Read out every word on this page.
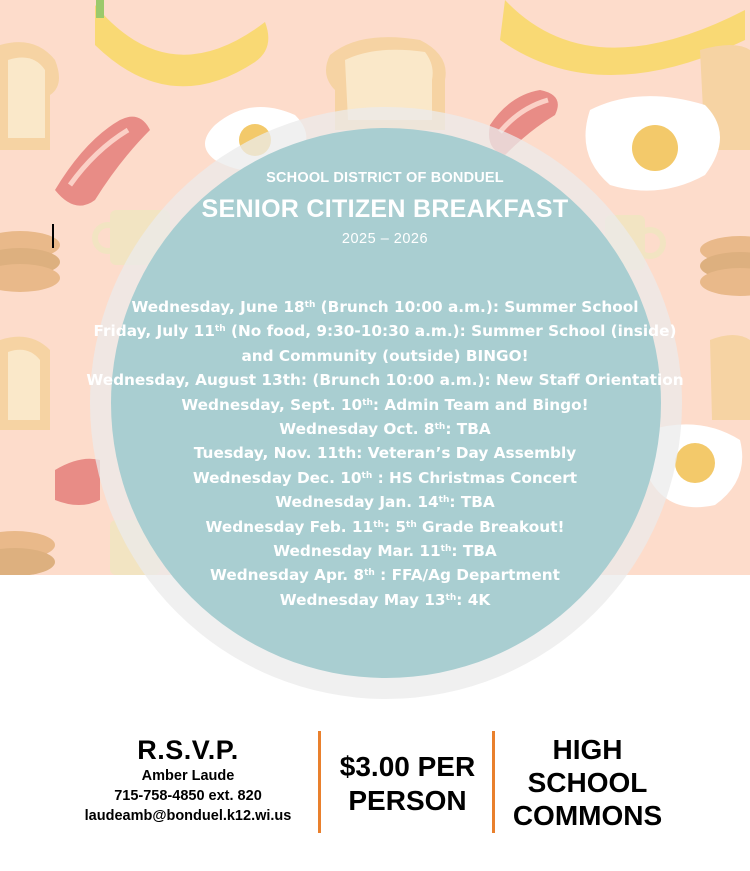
SCHOOL DISTRICT OF BONDUEL
SENIOR CITIZEN BREAKFAST
2025 – 2026
Wednesday, June 18th (Brunch 10:00 a.m.): Summer School
Friday, July 11th (No food, 9:30-10:30 a.m.): Summer School (inside) and Community (outside) BINGO!
Wednesday, August 13th: (Brunch 10:00 a.m.): New Staff Orientation
Wednesday, Sept. 10th: Admin Team and Bingo!
Wednesday Oct. 8th: TBA
Tuesday, Nov. 11th: Veteran’s Day Assembly
Wednesday Dec. 10th : HS Christmas Concert
Wednesday Jan. 14th: TBA
Wednesday Feb. 11th: 5th Grade Breakout!
Wednesday Mar. 11th: TBA
Wednesday Apr. 8th : FFA/Ag Department
Wednesday May 13th: 4K
R.S.V.P.
Amber Laude
715-758-4850 ext. 820
laudeamb@bonduel.k12.wi.us
$3.00 PER
PERSON
HIGH
SCHOOL
COMMONS
